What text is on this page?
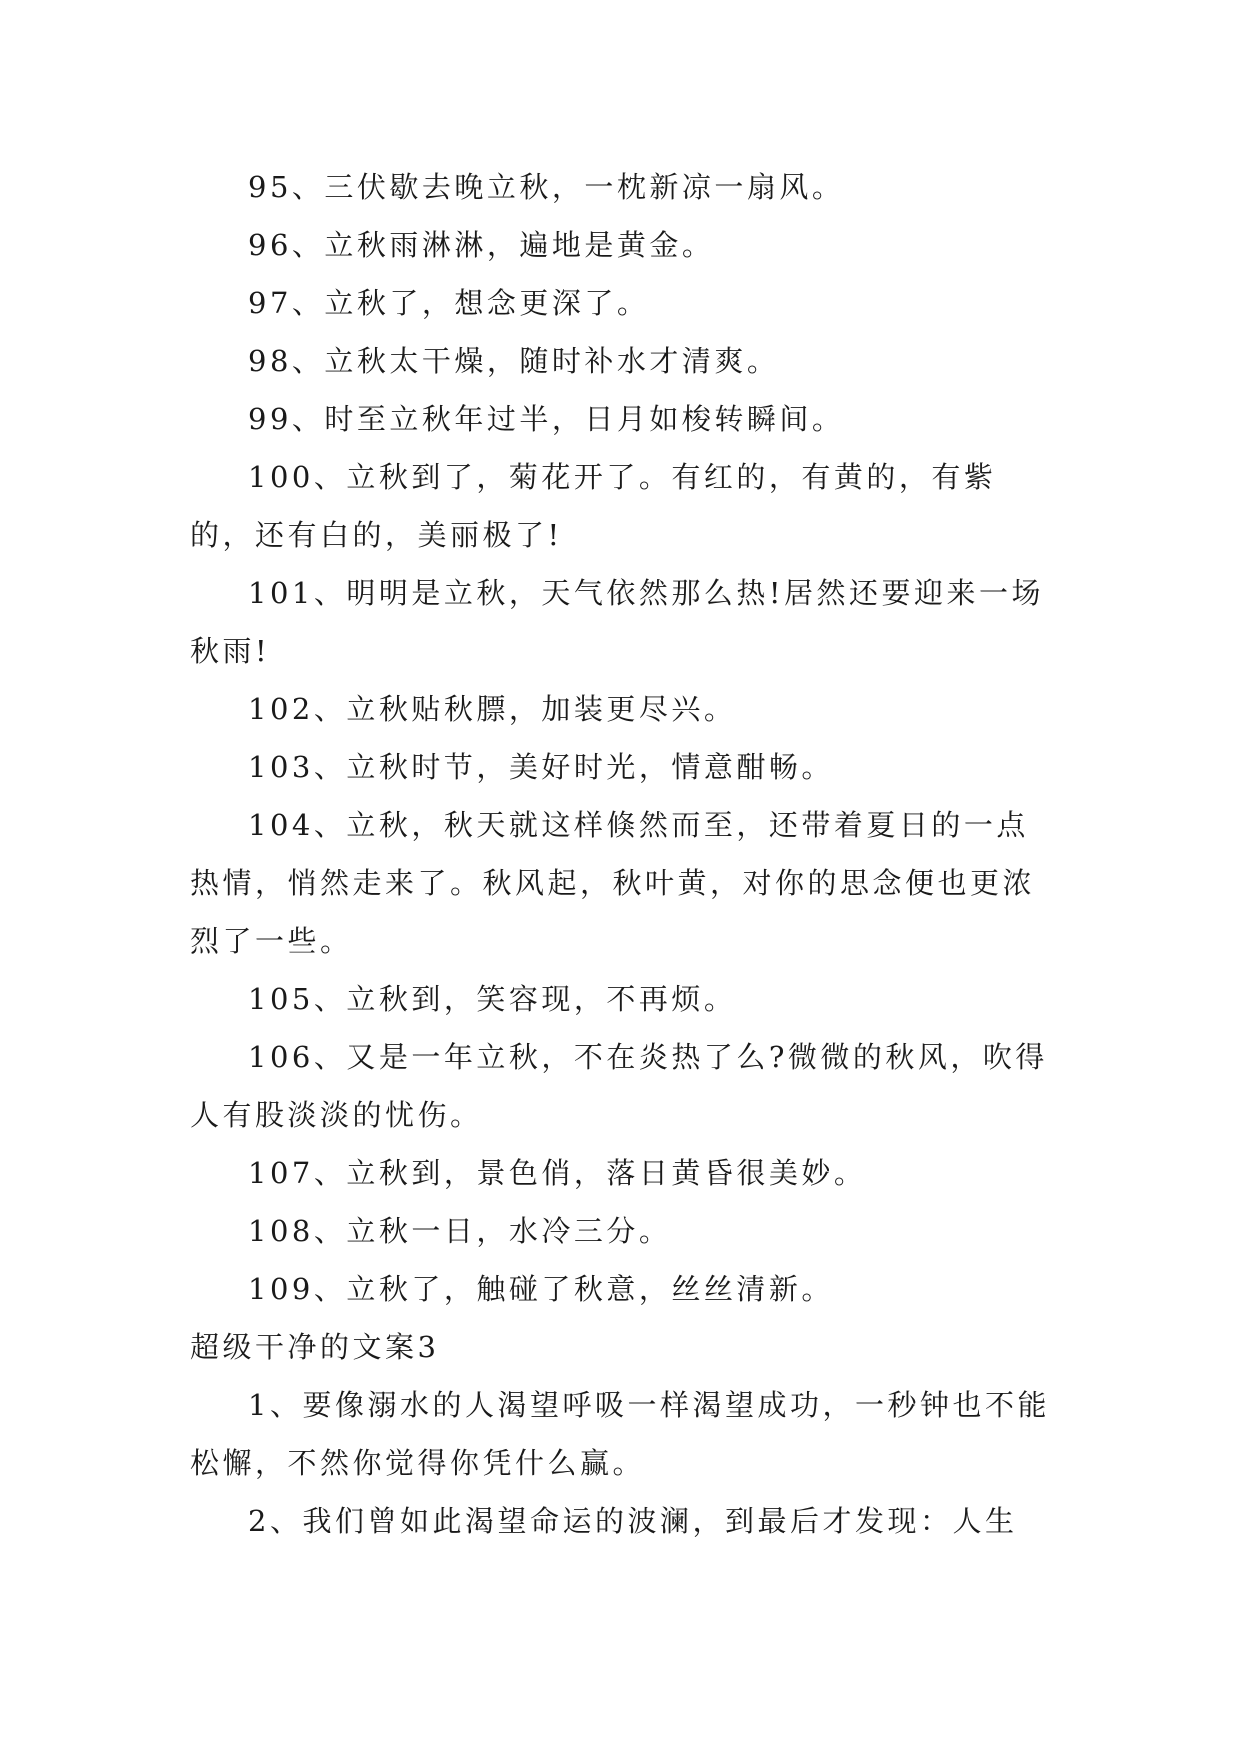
95、三伏歇去晚立秋，一枕新凉一扇风。

96、立秋雨淋淋，遍地是黄金。

97、立秋了，想念更深了。

98、立秋太干燥，随时补水才清爽。

99、时至立秋年过半，日月如梭转瞬间。

100、立秋到了，菊花开了。有红的，有黄的，有紫的，还有白的，美丽极了!

101、明明是立秋，天气依然那么热!居然还要迎来一场秋雨!

102、立秋贴秋膘，加装更尽兴。

103、立秋时节，美好时光，情意酣畅。

104、立秋，秋天就这样倏然而至，还带着夏日的一点热情，悄然走来了。秋风起，秋叶黄，对你的思念便也更浓烈了一些。

105、立秋到，笑容现，不再烦。

106、又是一年立秋，不在炎热了么?微微的秋风，吹得人有股淡淡的忧伤。

107、立秋到，景色俏，落日黄昏很美妙。

108、立秋一日，水冷三分。

109、立秋了，触碰了秋意，丝丝清新。

超级干净的文案3

1、要像溺水的人渴望呼吸一样渴望成功，一秒钟也不能松懈，不然你觉得你凭什么赢。

2、我们曾如此渴望命运的波澜，到最后才发现：人生
